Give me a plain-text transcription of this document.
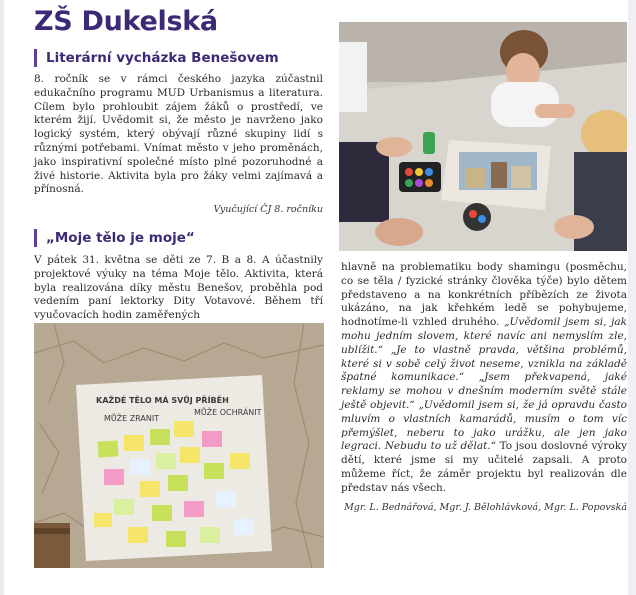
ZŠ Dukelská
Literární vycházka Benešovem
8. ročník se v rámci českého jazyka zúčastnil edukačního programu MUD Urbanismus a literatura. Cílem bylo prohloubit zájem žáků o prostředí, ve kterém žijí. Uvědomit si, že město je navrženo jako logický systém, který obývají různé skupiny lidí s různými potřebami. Vnímat město v jeho proměnách, jako inspirativní společné místo plné pozoruhodné a živé historie. Aktivita byla pro žáky velmi zajímavá a přínosná.
Vyučující ČJ 8. ročníku
„Moje tělo je moje“
V pátek 31. května se děti ze 7. B a 8. A účastnily projektové výuky na téma Moje tělo. Aktivita, která byla realizována díky městu Benešov, proběhla pod vedením paní lektorky Dity Votavové. Během tří vyučovacích hodin zaměřených
hlavně na problematiku body shamingu (posměchu, co se těla / fyzické stránky člověka týče) bylo dětem představeno a na konkrétních příbězích ze života ukázáno, na jak křehkém ledě se pohybujeme, hodnotíme-li vzhled druhého. „Uvědomil jsem si, jak mohu jedním slovem, které navíc ani nemyslím zle, ublížit.“ „Je to vlastně pravda, většina problémů, které si v sobě celý život neseme, vznikla na základě špatné komunikace.“ „Jsem překvapená, jaké reklamy se mohou v dnešním moderním světě stále ještě objevit.“ „Uvědomil jsem si, že já opravdu často mluvím o vlastních kamarádů, musím o tom víc přemýšlet, neberu to jako urážku, ale jen jako legraci. Nebudu to už dělat.“ To jsou doslovné výroky dětí, které jsme si my učitelé zapsali. A proto můžeme říct, že záměr projektu byl realizován dle představ nás všech.
Mgr. L. Bednářová, Mgr. J. Bělohlávková, Mgr. L. Popovská
KAŽDÉ TĚLO MÁ SVŮJ PŘÍBĚH
MŮŽE ZRANIT
MŮŽE OCHRÁNIT
